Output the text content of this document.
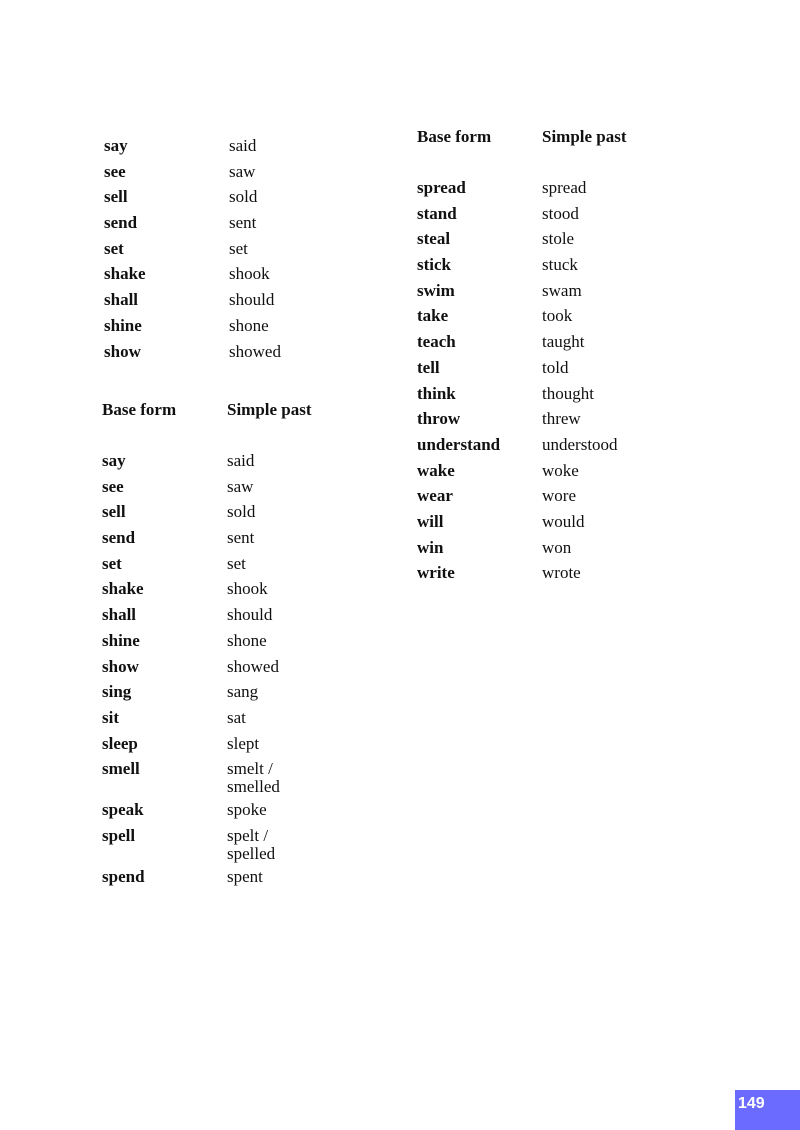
say	said
see	saw
sell	sold
send	sent
set	set
shake	shook
shall	should
shine	shone
show	showed
Base form	Simple past
say	said
see	saw
sell	sold
send	sent
set	set
shake	shook
shall	should
shine	shone
show	showed
sing	sang
sit	sat
sleep	slept
smell	smelt /
smelled

speak	spoke
spell	spelt /
spelled

spend	spent
Base form	Simple past
spread	spread
stand	stood
steal	stole
stick	stuck
swim	swam
take	took
teach	taught
tell	told
think	thought
throw	threw
understand	understood
wake	woke
wear	wore
will	would
win	won
write	wrote
149
